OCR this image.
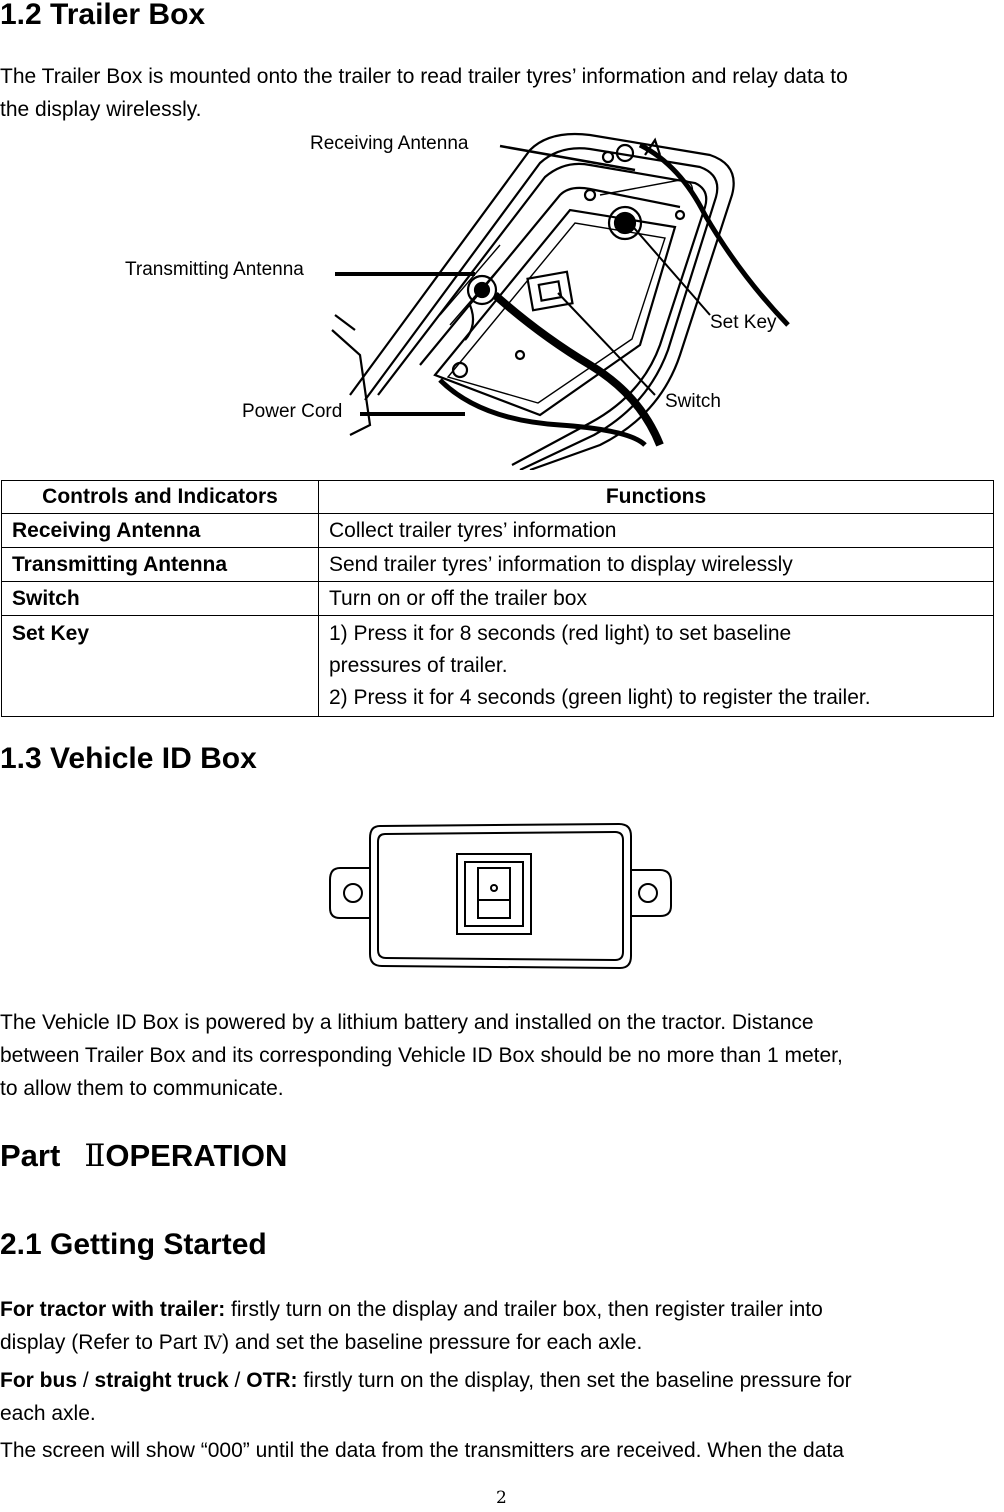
1.2 Trailer Box
The Trailer Box is mounted onto the trailer to read trailer tyres’ information and relay data to
the display wirelessly.
Receiving Antenna
Transmitting Antenna
Set Key
Switch
Power Cord
Controls and Indicators	Functions
Receiving Antenna	Collect trailer tyres’ information
Transmitting Antenna	Send trailer tyres’ information to display wirelessly
Switch	Turn on or off the trailer box
Set Key	1) Press it for 8 seconds (red light) to set baseline
pressures of trailer.
2) Press it for 4 seconds (green light) to register the trailer.
1.3 Vehicle ID Box
The Vehicle ID Box is powered by a lithium battery and installed on the tractor. Distance
between Trailer Box and its corresponding Vehicle ID Box should be no more than 1 meter,
to allow them to communicate.
Part ⅡOPERATION
2.1 Getting Started
For tractor with trailer: firstly turn on the display and trailer box, then register trailer into
display (Refer to Part Ⅳ) and set the baseline pressure for each axle.
For bus / straight truck / OTR: firstly turn on the display, then set the baseline pressure for
each axle.
The screen will show “000” until the data from the transmitters are received. When the data
2
